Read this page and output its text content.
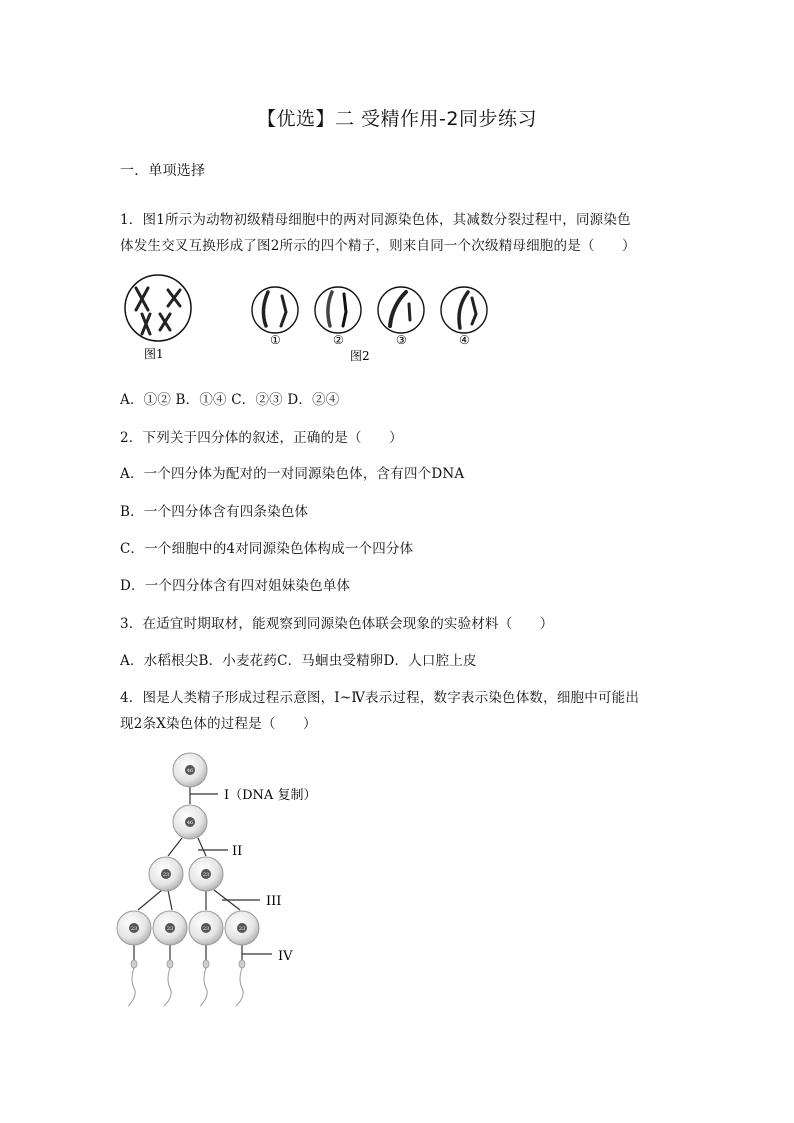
【优选】二 受精作用-2同步练习
一．单项选择
1．图1所示为动物初级精母细胞中的两对同源染色体，其减数分裂过程中，同源染色
体发生交叉互换形成了图2所示的四个精子，则来自同一个次级精母细胞的是（　　）
图1
①	②	③	④
图2
A．①② B．①④ C．②③ D．②④
2．下列关于四分体的叙述，正确的是（　　）
A．一个四分体为配对的一对同源染色体，含有四个DNA
B．一个四分体含有四条染色体
C．一个细胞中的4对同源染色体构成一个四分体
D．一个四分体含有四对姐妹染色单体
3．在适宜时期取材，能观察到同源染色体联会现象的实验材料（　　）
A．水稻根尖B．小麦花药C．马蛔虫受精卵D．人口腔上皮
4．图是人类精子形成过程示意图，Ⅰ~Ⅳ表示过程，数字表示染色体数，细胞中可能出
现2条X染色体的过程是（　　）
46
46
23	23
23	23	23	23
I（DNA 复制）
II
III
IV
